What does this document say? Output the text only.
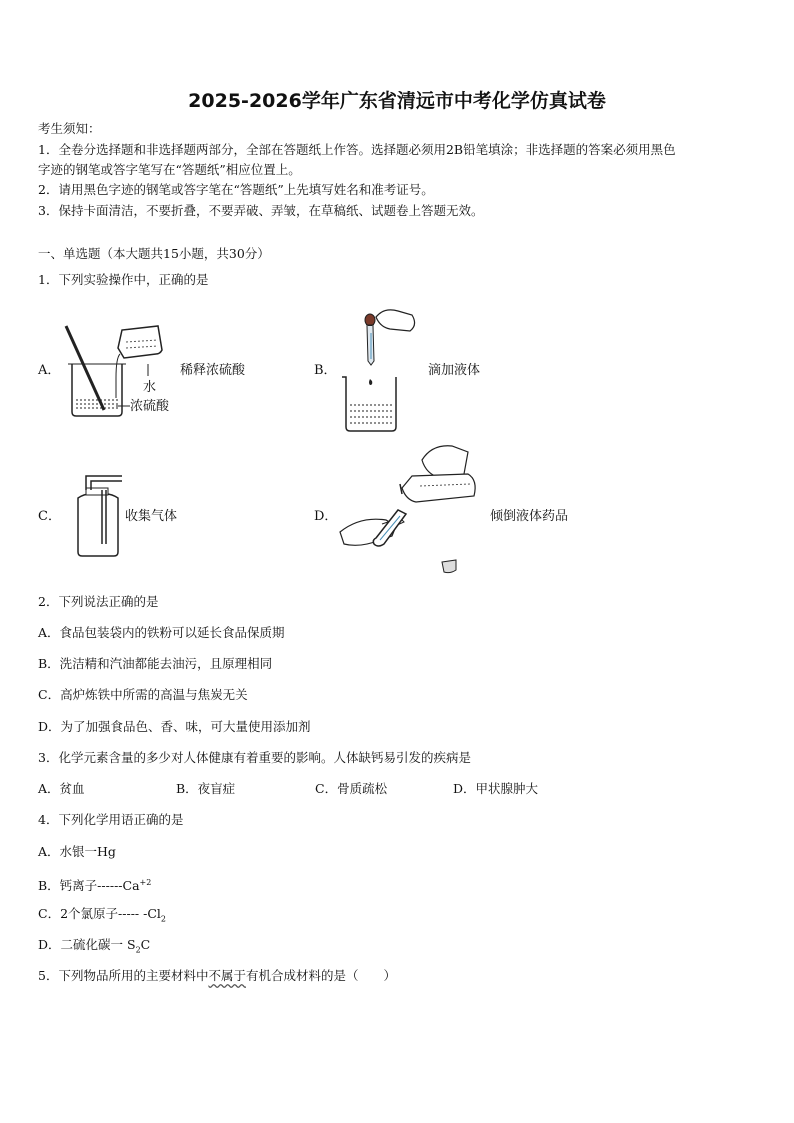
2025-2026学年广东省清远市中考化学仿真试卷
考生须知：
1．全卷分选择题和非选择题两部分，全部在答题纸上作答。选择题必须用2B铅笔填涂；非选择题的答案必须用黑色
字迹的钢笔或答字笔写在“答题纸”相应位置上。
2．请用黑色字迹的钢笔或答字笔在“答题纸”上先填写姓名和准考证号。
3．保持卡面清洁，不要折叠，不要弄破、弄皱，在草稿纸、试题卷上答题无效。
一、单选题（本大题共15小题，共30分）
1．下列实验操作中，正确的是
A．
水
浓硫酸
稀释浓硫酸	B．	滴加液体
C．	收集气体	D．	倾倒液体药品
2．下列说法正确的是
A．食品包装袋内的铁粉可以延长食品保质期
B．洗洁精和汽油都能去油污，且原理相同
C．高炉炼铁中所需的高温与焦炭无关
D．为了加强食品色、香、味，可大量使用添加剂
3．化学元素含量的多少对人体健康有着重要的影响。人体缺钙易引发的疾病是
A．贫血	B．夜盲症	C．骨质疏松	D．甲状腺肿大
4．下列化学用语正确的是
A．水银一Hg
B．钙离子$------Ca^{+2}$
C．2个氯原子----- $-Cl_2$
D．二硫化碳一 $S_2C$
5．下列物品所用的主要材料中不属于有机合成材料的是（　　）
